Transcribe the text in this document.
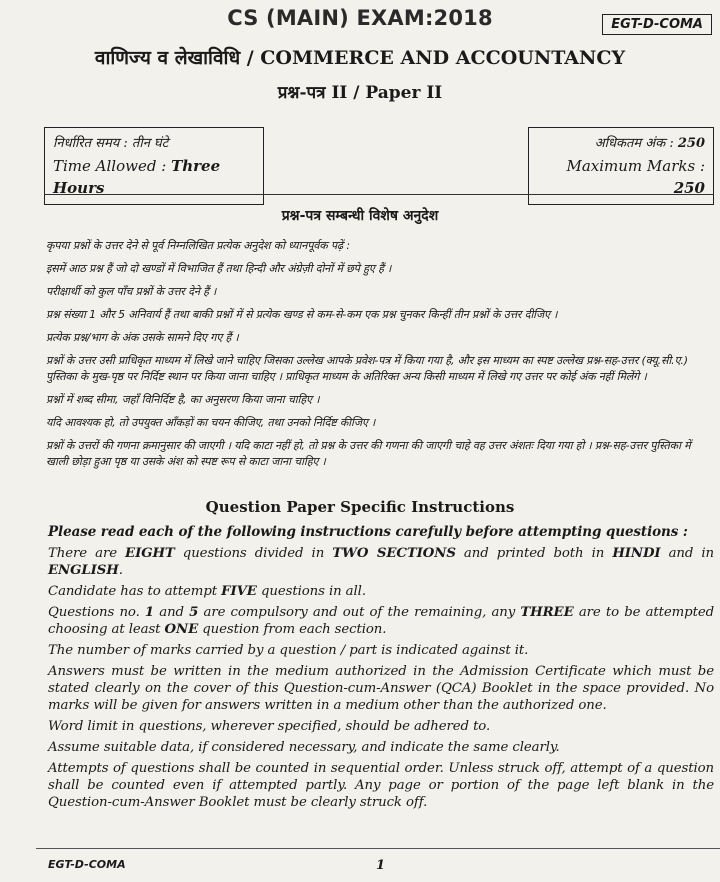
CS (MAIN) EXAM:2018	EGT-D-COMA
वाणिज्य व लेखाविधि / COMMERCE AND ACCOUNTANCY
प्रश्न-पत्र II / Paper II
निर्धारित समय : तीन घंटे
Time Allowed : Three Hours
अधिकतम अंक : 250
Maximum Marks : 250
प्रश्न-पत्र सम्बन्धी विशेष अनुदेश

कृपया प्रश्नों के उत्तर देने से पूर्व निम्नलिखित प्रत्येक अनुदेश को ध्यानपूर्वक पढ़ें :

इसमें आठ प्रश्न हैं जो दो खण्डों में विभाजित हैं तथा हिन्दी और अंग्रेज़ी दोनों में छपे हुए हैं ।

परीक्षार्थी को कुल पाँच प्रश्नों के उत्तर देने हैं ।

प्रश्न संख्या 1 और 5 अनिवार्य हैं तथा बाकी प्रश्नों में से प्रत्येक खण्ड से कम-से-कम एक प्रश्न चुनकर किन्हीं तीन प्रश्नों के उत्तर दीजिए ।

प्रत्येक प्रश्न/भाग के अंक उसके सामने दिए गए हैं ।

प्रश्नों के उत्तर उसी प्राधिकृत माध्यम में लिखे जाने चाहिए जिसका उल्लेख आपके प्रवेश-पत्र में किया गया है, और इस माध्यम का स्पष्ट उल्लेख प्रश्न-सह-उत्तर (क्यू.सी.ए.) पुस्तिका के मुख-पृष्ठ पर निर्दिष्ट स्थान पर किया जाना चाहिए । प्राधिकृत माध्यम के अतिरिक्त अन्य किसी माध्यम में लिखे गए उत्तर पर कोई अंक नहीं मिलेंगे ।

प्रश्नों में शब्द सीमा, जहाँ विनिर्दिष्ट है, का अनुसरण किया जाना चाहिए ।

यदि आवश्यक हो, तो उपयुक्त आँकड़ों का चयन कीजिए, तथा उनको निर्दिष्ट कीजिए ।

प्रश्नों के उत्तरों की गणना क्रमानुसार की जाएगी । यदि काटा नहीं हो, तो प्रश्न के उत्तर की गणना की जाएगी चाहे वह उत्तर अंशतः दिया गया हो । प्रश्न-सह-उत्तर पुस्तिका में खाली छोड़ा हुआ पृष्ठ या उसके अंश को स्पष्ट रूप से काटा जाना चाहिए ।

Question Paper Specific Instructions

Please read each of the following instructions carefully before attempting questions :

There are EIGHT questions divided in TWO SECTIONS and printed both in HINDI and in ENGLISH.

Candidate has to attempt FIVE questions in all.

Questions no. 1 and 5 are compulsory and out of the remaining, any THREE are to be attempted choosing at least ONE question from each section.

The number of marks carried by a question / part is indicated against it.

Answers must be written in the medium authorized in the Admission Certificate which must be stated clearly on the cover of this Question-cum-Answer (QCA) Booklet in the space provided. No marks will be given for answers written in a medium other than the authorized one.

Word limit in questions, wherever specified, should be adhered to.

Assume suitable data, if considered necessary, and indicate the same clearly.

Attempts of questions shall be counted in sequential order. Unless struck off, attempt of a question shall be counted even if attempted partly. Any page or portion of the page left blank in the Question-cum-Answer Booklet must be clearly struck off.

EGT-D-COMA	1
